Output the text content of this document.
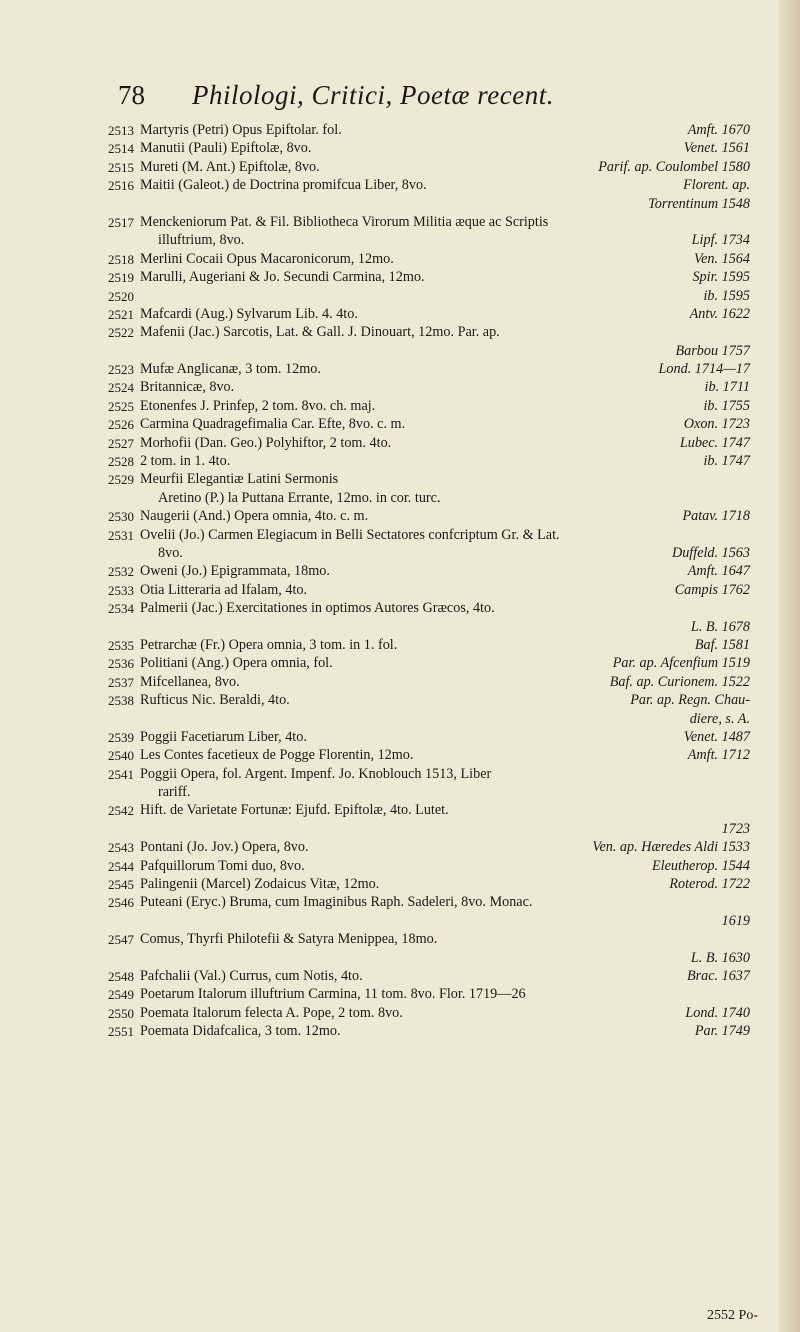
78 Philologi, Critici, Poetæ recent.
2513 Martyris (Petri) Opus Epiftolar. fol.	Amft. 1670
2514 Manutii (Pauli) Epiftolæ, 8vo.	Venet. 1561
2515 Mureti (M. Ant.) Epiftolæ, 8vo.	Parif. ap. Coulombel 1580
2516 Maitii (Galeot.) de Doctrina promifcua Liber, 8vo.	Florent. ap.
Torrentinum 1548
2517 Menckeniorum Pat. & Fil. Bibliotheca Virorum Militia æque ac Scriptis
illuftrium, 8vo.	Lipf. 1734
2518 Merlini Cocaii Opus Macaronicorum, 12mo.	Ven. 1564
2519 Marulli, Augeriani & Jo. Secundi Carmina, 12mo.	Spir. 1595
2520	ib. 1595
2521 Mafcardi (Aug.) Sylvarum Lib. 4. 4to.	Antv. 1622
2522 Mafenii (Jac.) Sarcotis, Lat. & Gall. J. Dinouart, 12mo. Par. ap.
Barbou 1757
2523 Mufæ Anglicanæ, 3 tom. 12mo.	Lond. 1714—17
2524 Britannicæ, 8vo.	ib. 1711
2525 Etonenfes J. Prinfep, 2 tom. 8vo. ch. maj.	ib. 1755
2526 Carmina Quadragefimalia Car. Efte, 8vo. c. m.	Oxon. 1723
2527 Morhofii (Dan. Geo.) Polyhiftor, 2 tom. 4to.	Lubec. 1747
2528 2 tom. in 1. 4to.	ib. 1747
2529 Meurfii Elegantiæ Latini Sermonis
Aretino (P.) la Puttana Errante, 12mo. in cor. turc.
2530 Naugerii (And.) Opera omnia, 4to. c. m.	Patav. 1718
2531 Ovelii (Jo.) Carmen Elegiacum in Belli Sectatores confcriptum Gr. & Lat.
8vo.	Duffeld. 1563
2532 Oweni (Jo.) Epigrammata, 18mo.	Amft. 1647
2533 Otia Litteraria ad Ifalam, 4to.	Campis 1762
2534 Palmerii (Jac.) Exercitationes in optimos Autores Græcos, 4to.
L. B. 1678
2535 Petrarchæ (Fr.) Opera omnia, 3 tom. in 1. fol.	Baf. 1581
2536 Politiani (Ang.) Opera omnia, fol.	Par. ap. Afcenfium 1519
2537 Mifcellanea, 8vo.	Baf. ap. Curionem. 1522
2538 Rufticus Nic. Beraldi, 4to.	Par. ap. Regn. Chau-
diere, s. A.
2539 Poggii Facetiarum Liber, 4to.	Venet. 1487
2540 Les Contes facetieux de Pogge Florentin, 12mo.	Amft. 1712
2541 Poggii Opera, fol. Argent. Impenf. Jo. Knoblouch 1513, Liber
rariff.
2542 Hift. de Varietate Fortunæ: Ejufd. Epiftolæ, 4to. Lutet.
1723
2543 Pontani (Jo. Jov.) Opera, 8vo.	Ven. ap. Hæredes Aldi 1533
2544 Pafquillorum Tomi duo, 8vo.	Eleutherop. 1544
2545 Palingenii (Marcel) Zodaicus Vitæ, 12mo.	Roterod. 1722
2546 Puteani (Eryc.) Bruma, cum Imaginibus Raph. Sadeleri, 8vo. Monac.
1619
2547 Comus, Thyrfi Philotefii & Satyra Menippea, 18mo.
L. B. 1630
2548 Pafchalii (Val.) Currus, cum Notis, 4to.	Brac. 1637
2549 Poetarum Italorum illuftrium Carmina, 11 tom. 8vo. Flor. 1719—26
2550 Poemata Italorum felecta A. Pope, 2 tom. 8vo.	Lond. 1740
2551 Poemata Didafcalica, 3 tom. 12mo.	Par. 1749
2552 Po-
